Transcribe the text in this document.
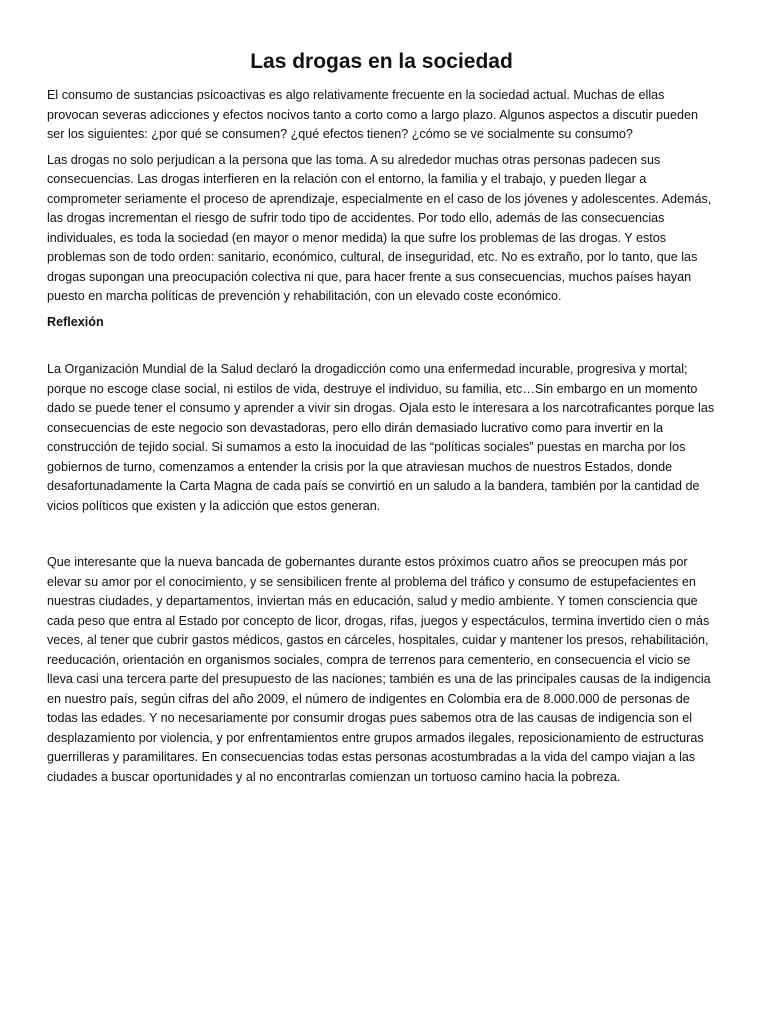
Las drogas en la sociedad

El consumo de sustancias psicoactivas es algo relativamente frecuente en la sociedad actual. Muchas de ellas provocan severas adicciones y efectos nocivos tanto a corto como a largo plazo. Algunos aspectos a discutir pueden ser los siguientes: ¿por qué se consumen? ¿qué efectos tienen? ¿cómo se ve socialmente su consumo?

Las drogas no solo perjudican a la persona que las toma. A su alrededor muchas otras personas padecen sus consecuencias. Las drogas interfieren en la relación con el entorno, la familia y el trabajo, y pueden llegar a comprometer seriamente el proceso de aprendizaje, especialmente en el caso de los jóvenes y adolescentes. Además, las drogas incrementan el riesgo de sufrir todo tipo de accidentes. Por todo ello, además de las consecuencias individuales, es toda la sociedad (en mayor o menor medida) la que sufre los problemas de las drogas. Y estos problemas son de todo orden: sanitario, económico, cultural, de inseguridad, etc. No es extraño, por lo tanto, que las drogas supongan una preocupación colectiva ni que, para hacer frente a sus consecuencias, muchos países hayan puesto en marcha políticas de prevención y rehabilitación, con un elevado coste económico.

Reflexión

La Organización Mundial de la Salud declaró la drogadicción como una enfermedad incurable, progresiva y mortal; porque no escoge clase social, ni estilos de vida, destruye el individuo, su familia, etc…Sin embargo en un momento dado se puede tener el consumo y aprender a vivir sin drogas. Ojala esto le interesara a los narcotraficantes porque las consecuencias de este negocio son devastadoras, pero ello dirán demasiado lucrativo como para invertir en la construcción de tejido social. Si sumamos a esto la inocuidad de las “políticas sociales” puestas en marcha por los gobiernos de turno, comenzamos a entender la crisis por la que atraviesan muchos de nuestros Estados, donde desafortunadamente la Carta Magna de cada país se convirtió en un saludo a la bandera, también por la cantidad de vicios políticos que existen y la adicción que estos generan.

Que interesante que la nueva bancada de gobernantes durante estos próximos cuatro años se preocupen más por elevar su amor por el conocimiento, y se sensibilicen frente al problema del tráfico y consumo de estupefacientes en nuestras ciudades, y departamentos, inviertan más en educación, salud y medio ambiente. Y tomen consciencia que cada peso que entra al Estado por concepto de licor, drogas, rifas, juegos y espectáculos, termina invertido cien o más veces, al tener que cubrir gastos médicos, gastos en cárceles, hospitales, cuidar y mantener los presos, rehabilitación, reeducación, orientación en organismos sociales, compra de terrenos para cementerio, en consecuencia el vicio se lleva casi una tercera parte del presupuesto de las naciones; también es una de las principales causas de la indigencia en nuestro país, según cifras del año 2009, el número de indigentes en Colombia era de 8.000.000 de personas de todas las edades. Y no necesariamente por consumir drogas pues sabemos otra de las causas de indigencia son el desplazamiento por violencia, y por enfrentamientos entre grupos armados ilegales, reposicionamiento de estructuras guerrilleras y paramilitares. En consecuencias todas estas personas acostumbradas a la vida del campo viajan a las ciudades a buscar oportunidades y al no encontrarlas comienzan un tortuoso camino hacia la pobreza.
